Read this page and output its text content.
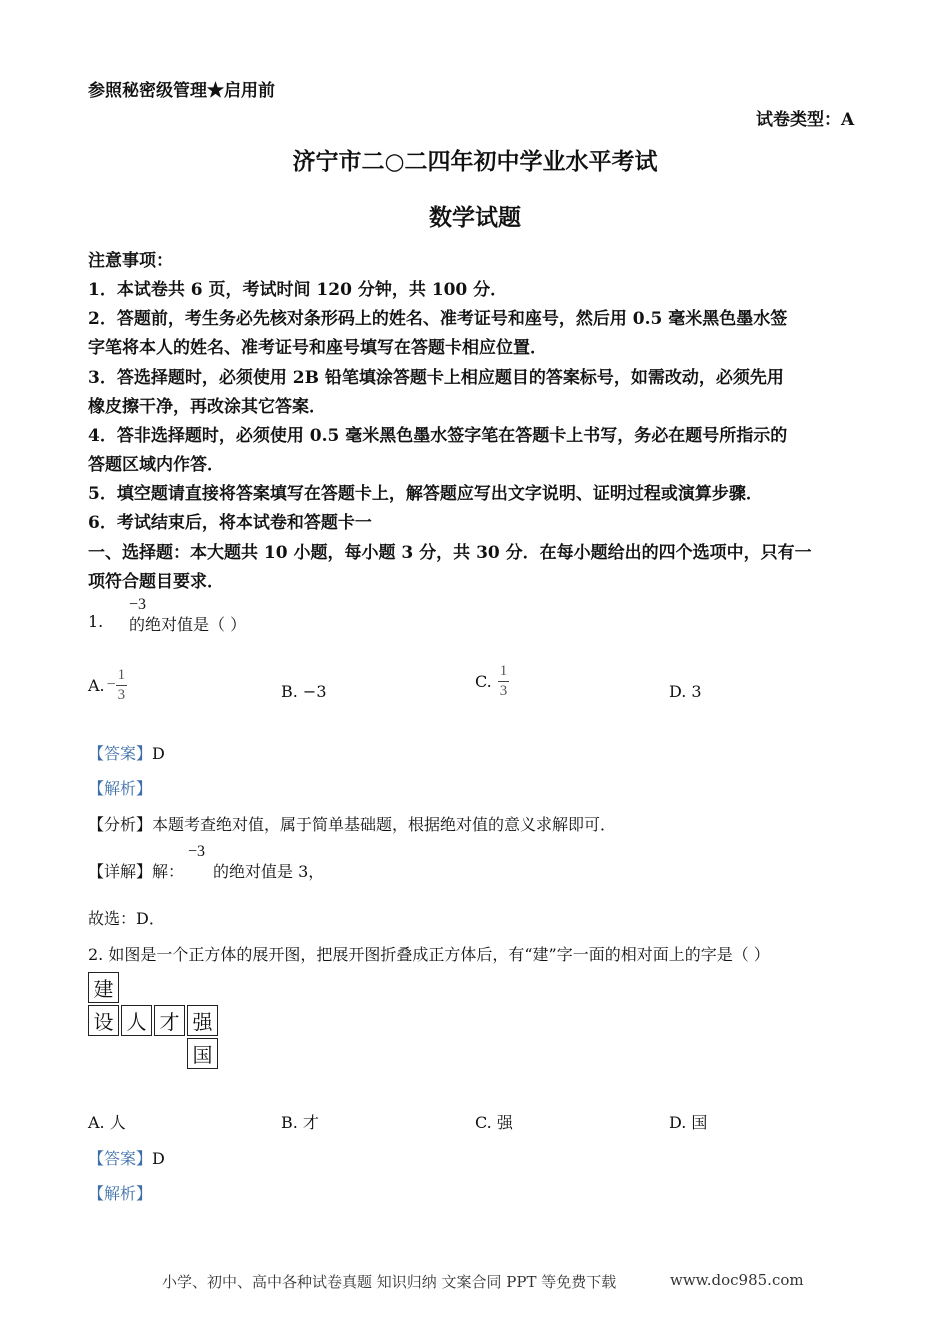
参照秘密级管理★启用前
试卷类型：A
济宁市二○二四年初中学业水平考试
数学试题
注意事项：
1．本试卷共 6 页，考试时间 120 分钟，共 100 分．
2．答题前，考生务必先核对条形码上的姓名、准考证号和座号，然后用 0.5 毫米黑色墨水签
字笔将本人的姓名、准考证号和座号填写在答题卡相应位置．
3．答选择题时，必须使用 2B 铅笔填涂答题卡上相应题目的答案标号，如需改动，必须先用
橡皮擦干净，再改涂其它答案．
4．答非选择题时，必须使用 0.5 毫米黑色墨水签字笔在答题卡上书写，务必在题号所指示的
答题区域内作答．
5．填空题请直接将答案填写在答题卡上，解答题应写出文字说明、证明过程或演算步骤．
6．考试结束后，将本试卷和答题卡一
一、选择题：本大题共 10 小题，每小题 3 分，共 30 分．在每小题给出的四个选项中，只有一
项符合题目要求．
1.
−3
的绝对值是（ ）
A. − $\frac{1}{3}$	B. −3
C. $\frac{1}{3}$	D. 3
【答案】D
【解析】
【分析】本题考查绝对值，属于简单基础题，根据绝对值的意义求解即可．
【详解】解：
−3
的绝对值是 3，
故选：D．
2. 如图是一个正方体的展开图，把展开图折叠成正方体后，有“建”字一面的相对面上的字是（ ）
建
设 人 才 强
国
A. 人	B. 才	C. 强	D. 国
【答案】D
【解析】
小学、初中、高中各种试卷真题 知识归纳 文案合同 PPT 等免费下载	www.doc985.com
